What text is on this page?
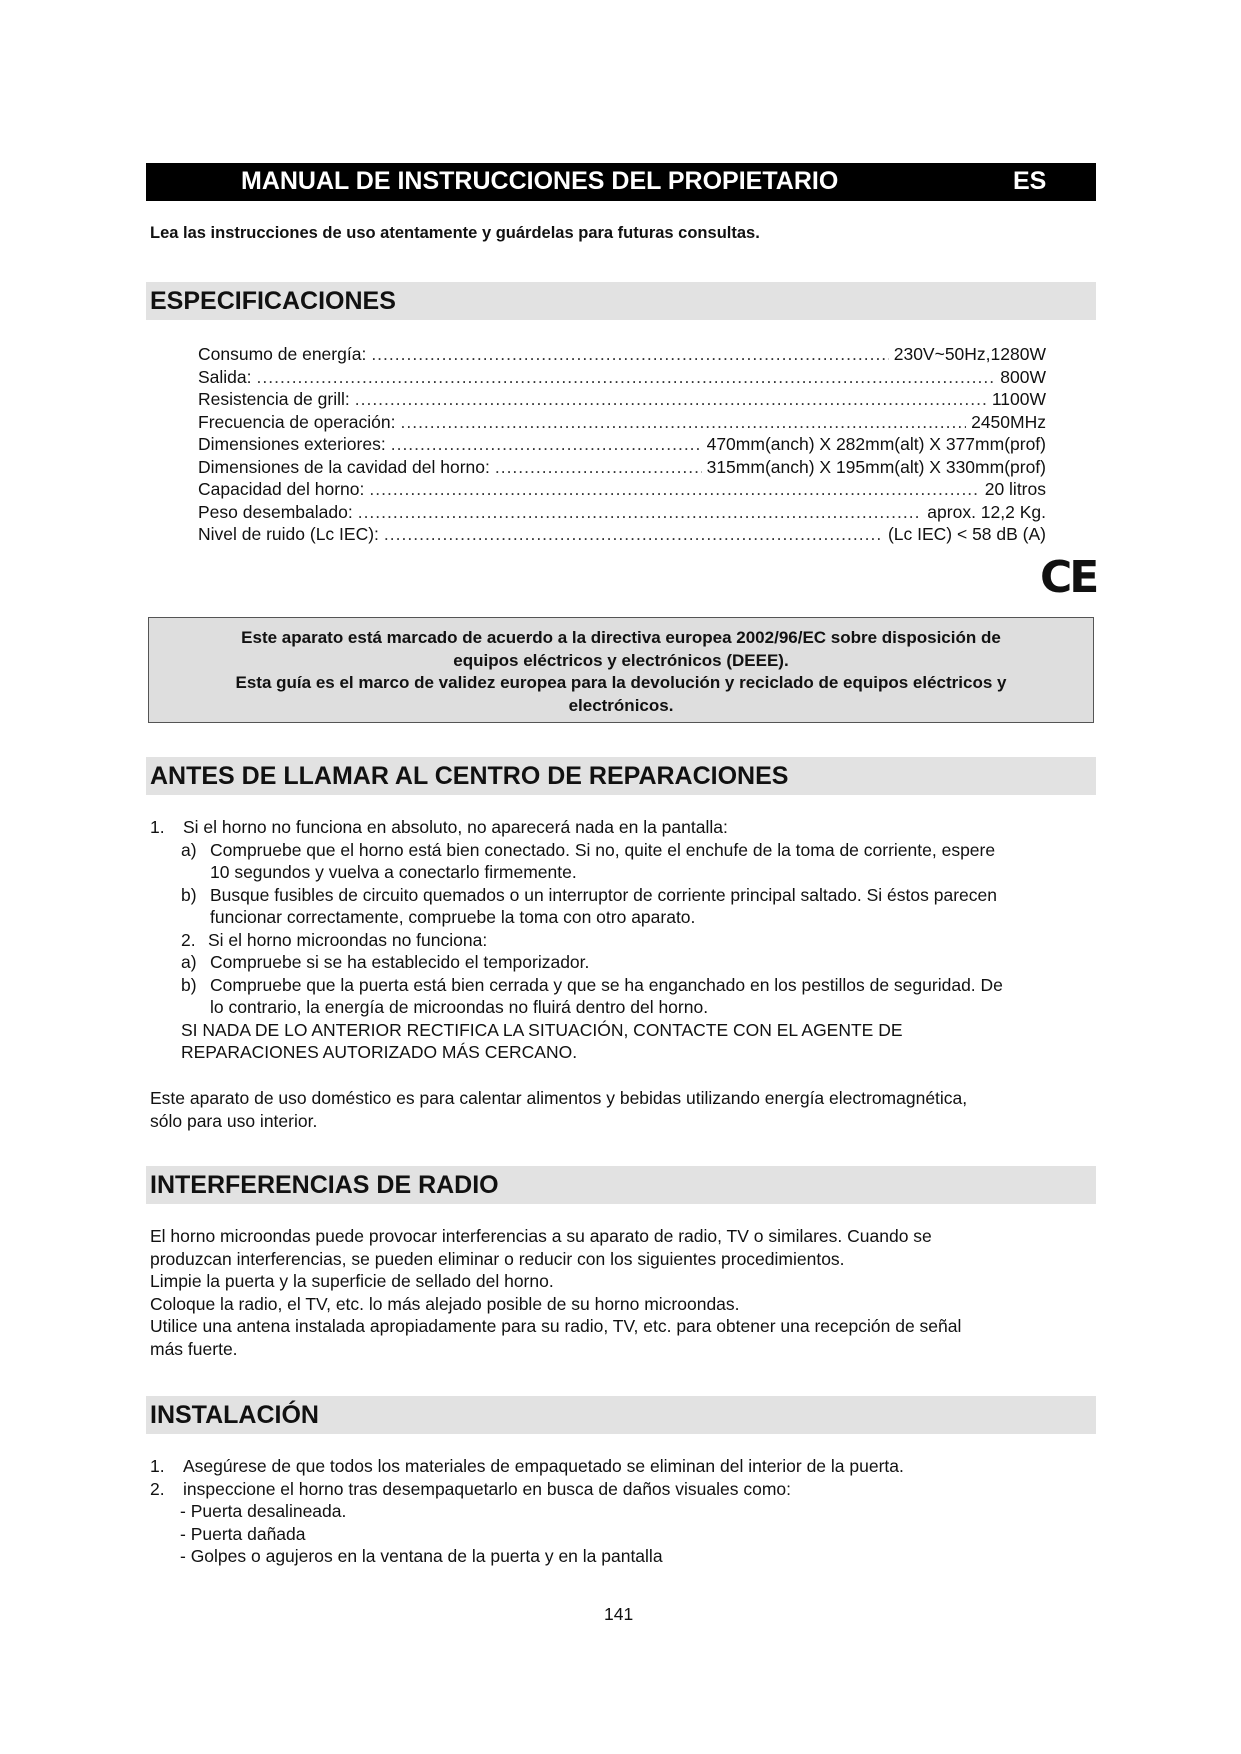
MANUAL DE INSTRUCCIONES DEL PROPIETARIO	ES
Lea las instrucciones de uso atentamente y guárdelas para futuras consultas.
ESPECIFICACIONES
Consumo de energía: .....	230V~50Hz,1280W
Salida: .....	800W
Resistencia de grill: .....	1100W
Frecuencia de operación: .....	2450MHz
Dimensiones exteriores: .....	470mm(anch) X 282mm(alt) X 377mm(prof)
Dimensiones de la cavidad del horno: .....	315mm(anch) X 195mm(alt) X 330mm(prof)
Capacidad del horno: .....	20 litros
Peso desembalado: .....	aprox. 12,2 Kg.
Nivel de ruido (Lc IEC): .....	(Lc IEC) < 58 dB (A)
CE
Este aparato está marcado de acuerdo a la directiva europea 2002/96/EC sobre disposición de
equipos eléctricos y electrónicos (DEEE).
Esta guía es el marco de validez europea para la devolución y reciclado de equipos eléctricos y
electrónicos.
ANTES DE LLAMAR AL CENTRO DE REPARACIONES
1. Si el horno no funciona en absoluto, no aparecerá nada en la pantalla:
a) Compruebe que el horno está bien conectado. Si no, quite el enchufe de la toma de corriente, espere
10 segundos y vuelva a conectarlo firmemente.
b) Busque fusibles de circuito quemados o un interruptor de corriente principal saltado. Si éstos parecen
funcionar correctamente, compruebe la toma con otro aparato.
2. Si el horno microondas no funciona:
a) Compruebe si se ha establecido el temporizador.
b) Compruebe que la puerta está bien cerrada y que se ha enganchado en los pestillos de seguridad. De
lo contrario, la energía de microondas no fluirá dentro del horno.
SI NADA DE LO ANTERIOR RECTIFICA LA SITUACIÓN, CONTACTE CON EL AGENTE DE
REPARACIONES AUTORIZADO MÁS CERCANO.
Este aparato de uso doméstico es para calentar alimentos y bebidas utilizando energía electromagnética,
sólo para uso interior.
INTERFERENCIAS DE RADIO
El horno microondas puede provocar interferencias a su aparato de radio, TV o similares. Cuando se
produzcan interferencias, se pueden eliminar o reducir con los siguientes procedimientos.
Limpie la puerta y la superficie de sellado del horno.
Coloque la radio, el TV, etc. lo más alejado posible de su horno microondas.
Utilice una antena instalada apropiadamente para su radio, TV, etc. para obtener una recepción de señal
más fuerte.
INSTALACIÓN
1. Asegúrese de que todos los materiales de empaquetado se eliminan del interior de la puerta.
2. inspeccione el horno tras desempaquetarlo en busca de daños visuales como:
- Puerta desalineada.
- Puerta dañada
- Golpes o agujeros en la ventana de la puerta y en la pantalla
141
